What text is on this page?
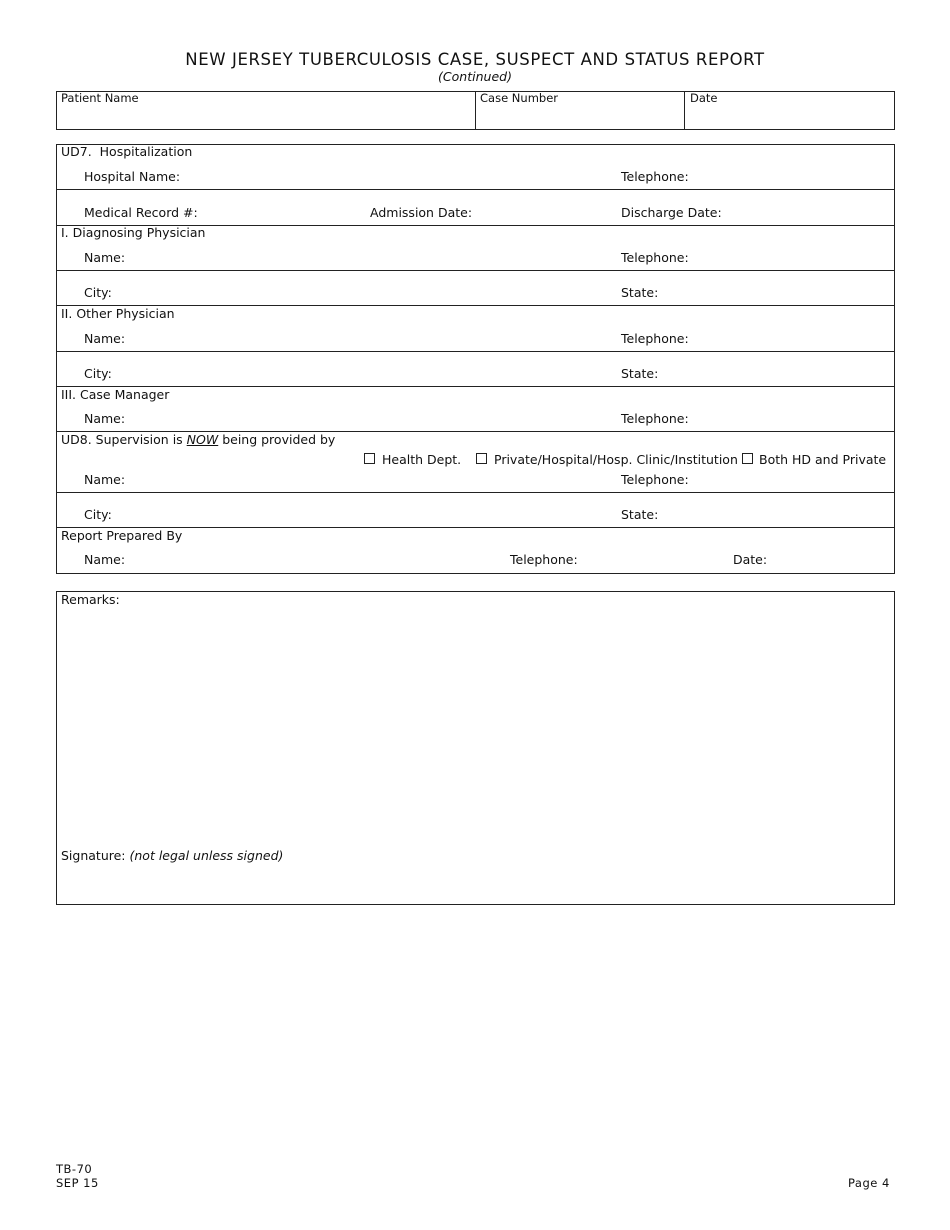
NEW JERSEY TUBERCULOSIS CASE, SUSPECT AND STATUS REPORT
(Continued)
Patient Name	Case Number	Date
UD7.  Hospitalization
Hospital Name:	Telephone:
Medical Record #:	Admission Date:	Discharge Date:
I. Diagnosing Physician
Name:	Telephone:
City:	State:
II. Other Physician
Name:	Telephone:
City:	State:
III. Case Manager
Name:	Telephone:
UD8. Supervision is NOW being provided by
Health Dept.	Private/Hospital/Hosp. Clinic/Institution Both HD and Private
Name:	Telephone:
City:	State:
Report Prepared By
Name:	Telephone:	Date:
Remarks:
Signature: (not legal unless signed)
TB-70
SEP 15	Page 4
